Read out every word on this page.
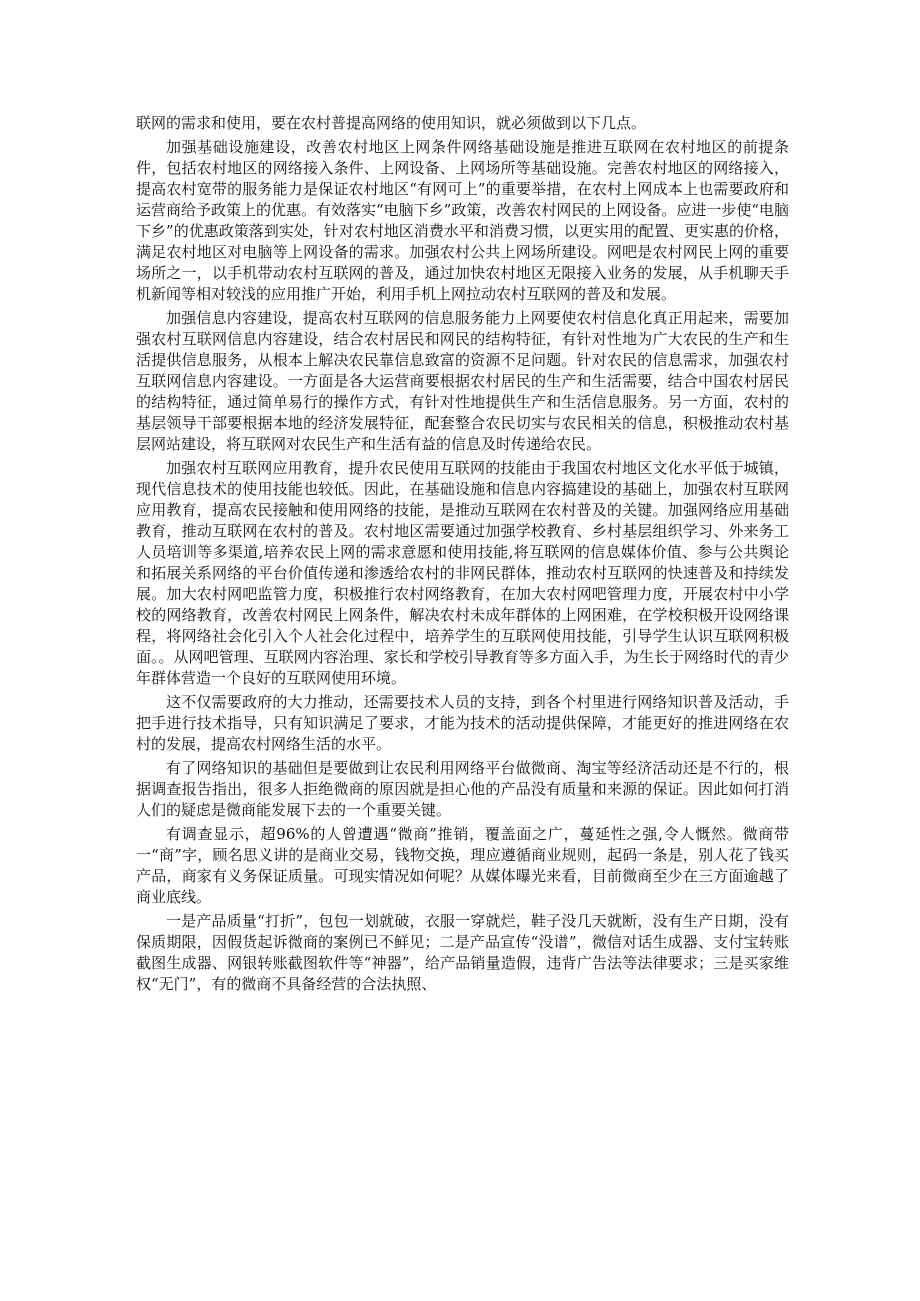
联网的需求和使用，要在农村普提高网络的使用知识，就必须做到以下几点。

加强基础设施建设，改善农村地区上网条件网络基础设施是推进互联网在农村地区的前提条件，包括农村地区的网络接入条件、上网设备、上网场所等基础设施。完善农村地区的网络接入，提高农村宽带的服务能力是保证农村地区“有网可上”的重要举措，在农村上网成本上也需要政府和运营商给予政策上的优惠。有效落实“电脑下乡”政策，改善农村网民的上网设备。应进一步使“电脑下乡”的优惠政策落到实处，针对农村地区消费水平和消费习惯，以更实用的配置、更实惠的价格，满足农村地区对电脑等上网设备的需求。加强农村公共上网场所建设。网吧是农村网民上网的重要场所之一，以手机带动农村互联网的普及，通过加快农村地区无限接入业务的发展，从手机聊天手机新闻等相对较浅的应用推广开始，利用手机上网拉动农村互联网的普及和发展。

加强信息内容建设，提高农村互联网的信息服务能力上网要使农村信息化真正用起来，需要加强农村互联网信息内容建设，结合农村居民和网民的结构特征，有针对性地为广大农民的生产和生活提供信息服务，从根本上解决农民靠信息致富的资源不足问题。针对农民的信息需求，加强农村互联网信息内容建设。一方面是各大运营商要根据农村居民的生产和生活需要，结合中国农村居民的结构特征，通过简单易行的操作方式，有针对性地提供生产和生活信息服务。另一方面，农村的基层领导干部要根据本地的经济发展特征，配套整合农民切实与农民相关的信息，积极推动农村基层网站建设，将互联网对农民生产和生活有益的信息及时传递给农民。

加强农村互联网应用教育，提升农民使用互联网的技能由于我国农村地区文化水平低于城镇，现代信息技术的使用技能也较低。因此，在基础设施和信息内容搞建设的基础上，加强农村互联网应用教育，提高农民接触和使用网络的技能，是推动互联网在农村普及的关键。加强网络应用基础教育，推动互联网在农村的普及。农村地区需要通过加强学校教育、乡村基层组织学习、外来务工人员培训等多渠道,培养农民上网的需求意愿和使用技能,将互联网的信息媒体价值、参与公共舆论和拓展关系网络的平台价值传递和渗透给农村的非网民群体，推动农村互联网的快速普及和持续发展。加大农村网吧监管力度，积极推行农村网络教育，在加大农村网吧管理力度，开展农村中小学校的网络教育，改善农村网民上网条件，解决农村未成年群体的上网困难，在学校积极开设网络课程，将网络社会化引入个人社会化过程中，培养学生的互联网使用技能，引导学生认识互联网积极面。。从网吧管理、互联网内容治理、家长和学校引导教育等多方面入手，为生长于网络时代的青少年群体营造一个良好的互联网使用环境。

这不仅需要政府的大力推动，还需要技术人员的支持，到各个村里进行网络知识普及活动，手把手进行技术指导，只有知识满足了要求，才能为技术的活动提供保障，才能更好的推进网络在农村的发展，提高农村网络生活的水平。

有了网络知识的基础但是要做到让农民利用网络平台做微商、淘宝等经济活动还是不行的，根据调查报告指出，很多人拒绝微商的原因就是担心他的产品没有质量和来源的保证。因此如何打消人们的疑虑是微商能发展下去的一个重要关键。

有调查显示，超96%的人曾遭遇“微商”推销，覆盖面之广，蔓延性之强,令人慨然。微商带一“商”字，顾名思义讲的是商业交易，钱物交换，理应遵循商业规则，起码一条是，别人花了钱买产品，商家有义务保证质量。可现实情况如何呢？从媒体曝光来看，目前微商至少在三方面逾越了商业底线。

一是产品质量“打折”，包包一划就破，衣服一穿就烂，鞋子没几天就断，没有生产日期，没有保质期限，因假货起诉微商的案例已不鲜见；二是产品宣传“没谱”，微信对话生成器、支付宝转账截图生成器、网银转账截图软件等“神器”，给产品销量造假，违背广告法等法律要求；三是买家维权“无门”，有的微商不具备经营的合法执照、
